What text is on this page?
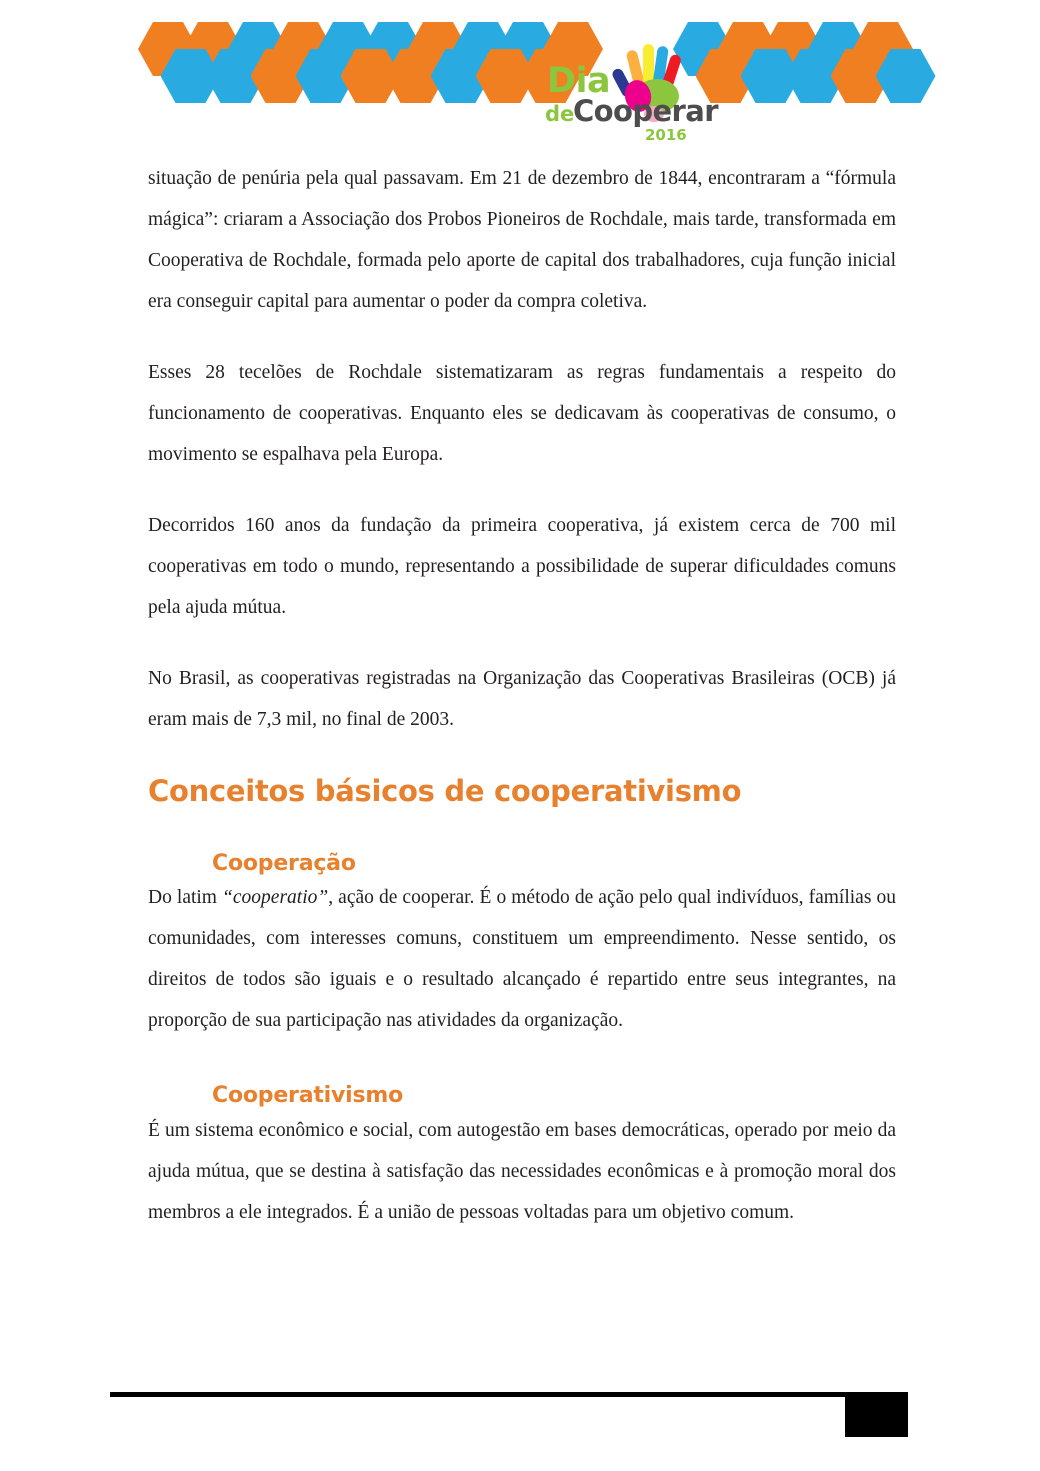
Dia
de
Cooperar
2016

situação de penúria pela qual passavam. Em 21 de dezembro de 1844, encontraram a “fórmula mágica”: criaram a Associação dos Probos Pioneiros de Rochdale, mais tarde, transformada em Cooperativa de Rochdale, formada pelo aporte de capital dos trabalhadores, cuja função inicial era conseguir capital para aumentar o poder da compra coletiva.

Esses 28 tecelões de Rochdale sistematizaram as regras fundamentais a respeito do funcionamento de cooperativas. Enquanto eles se dedicavam às cooperativas de consumo, o movimento se espalhava pela Europa.

Decorridos 160 anos da fundação da primeira cooperativa, já existem cerca de 700 mil cooperativas em todo o mundo, representando a possibilidade de superar dificuldades comuns pela ajuda mútua.

No Brasil, as cooperativas registradas na Organização das Cooperativas Brasileiras (OCB) já eram mais de 7,3 mil, no final de 2003.

Conceitos básicos de cooperativismo
Cooperação

Do latim “cooperatio”, ação de cooperar. É o método de ação pelo qual indivíduos, famílias ou comunidades, com interesses comuns, constituem um empreendimento. Nesse sentido, os direitos de todos são iguais e o resultado alcançado é repartido entre seus integrantes, na proporção de sua participação nas atividades da organização.

Cooperativismo

É um sistema econômico e social, com autogestão em bases democráticas, operado por meio da ajuda mútua, que se destina à satisfação das necessidades econômicas e à promoção moral dos membros a ele integrados. É a união de pessoas voltadas para um objetivo comum.
